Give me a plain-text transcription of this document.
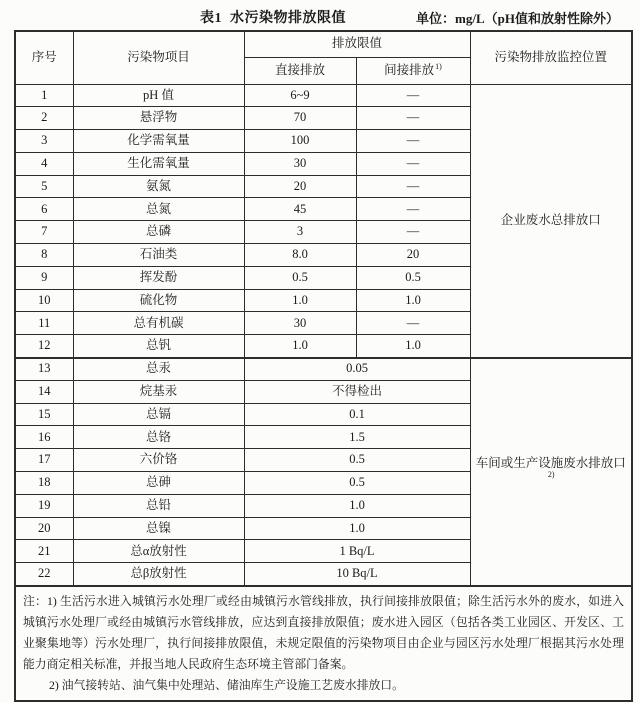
表1  水污染物排放限值	单位：mg/L（pH值和放射性除外）
序号	污染物项目	排放限值		污染物排放监控位置
		直接排放	间接排放$^{1)}$
1	pH 值	6~9	—	企业废水总排放口
2	悬浮物	70	—	
3	化学需氧量	100	—	
4	生化需氧量	30	—	
5	氨氮	20	—	
6	总氮	45	—	
7	总磷	3	—	
8	石油类	8.0	20	
9	挥发酚	0.5	0.5	
10	硫化物	1.0	1.0	
11	总有机碳	30	—	
12	总钒	1.0	1.0	
13	总汞	0.05		车间或生产设施废水排放口$^{2)}$
14	烷基汞	不得检出		
15	总镉	0.1		
16	总铬	1.5		
17	六价铬	0.5		
18	总砷	0.5		
19	总铅	1.0		
20	总镍	1.0		
21	总α放射性	1 Bq/L		
22	总β放射性	10 Bq/L		

注：1) 生活污水进入城镇污水处理厂或经由城镇污水管线排放，执行间接排放限值；除生活污水外的废水，如进入城镇污水处理厂或经由城镇污水管线排放，应达到直接排放限值；废水进入园区（包括各类工业园区、开发区、工业聚集地等）污水处理厂，执行间接排放限值，未规定限值的污染物项目由企业与园区污水处理厂根据其污水处理能力商定相关标准，并报当地人民政府生态环境主管部门备案。

2) 油气接转站、油气集中处理站、储油库生产设施工艺废水排放口。				
